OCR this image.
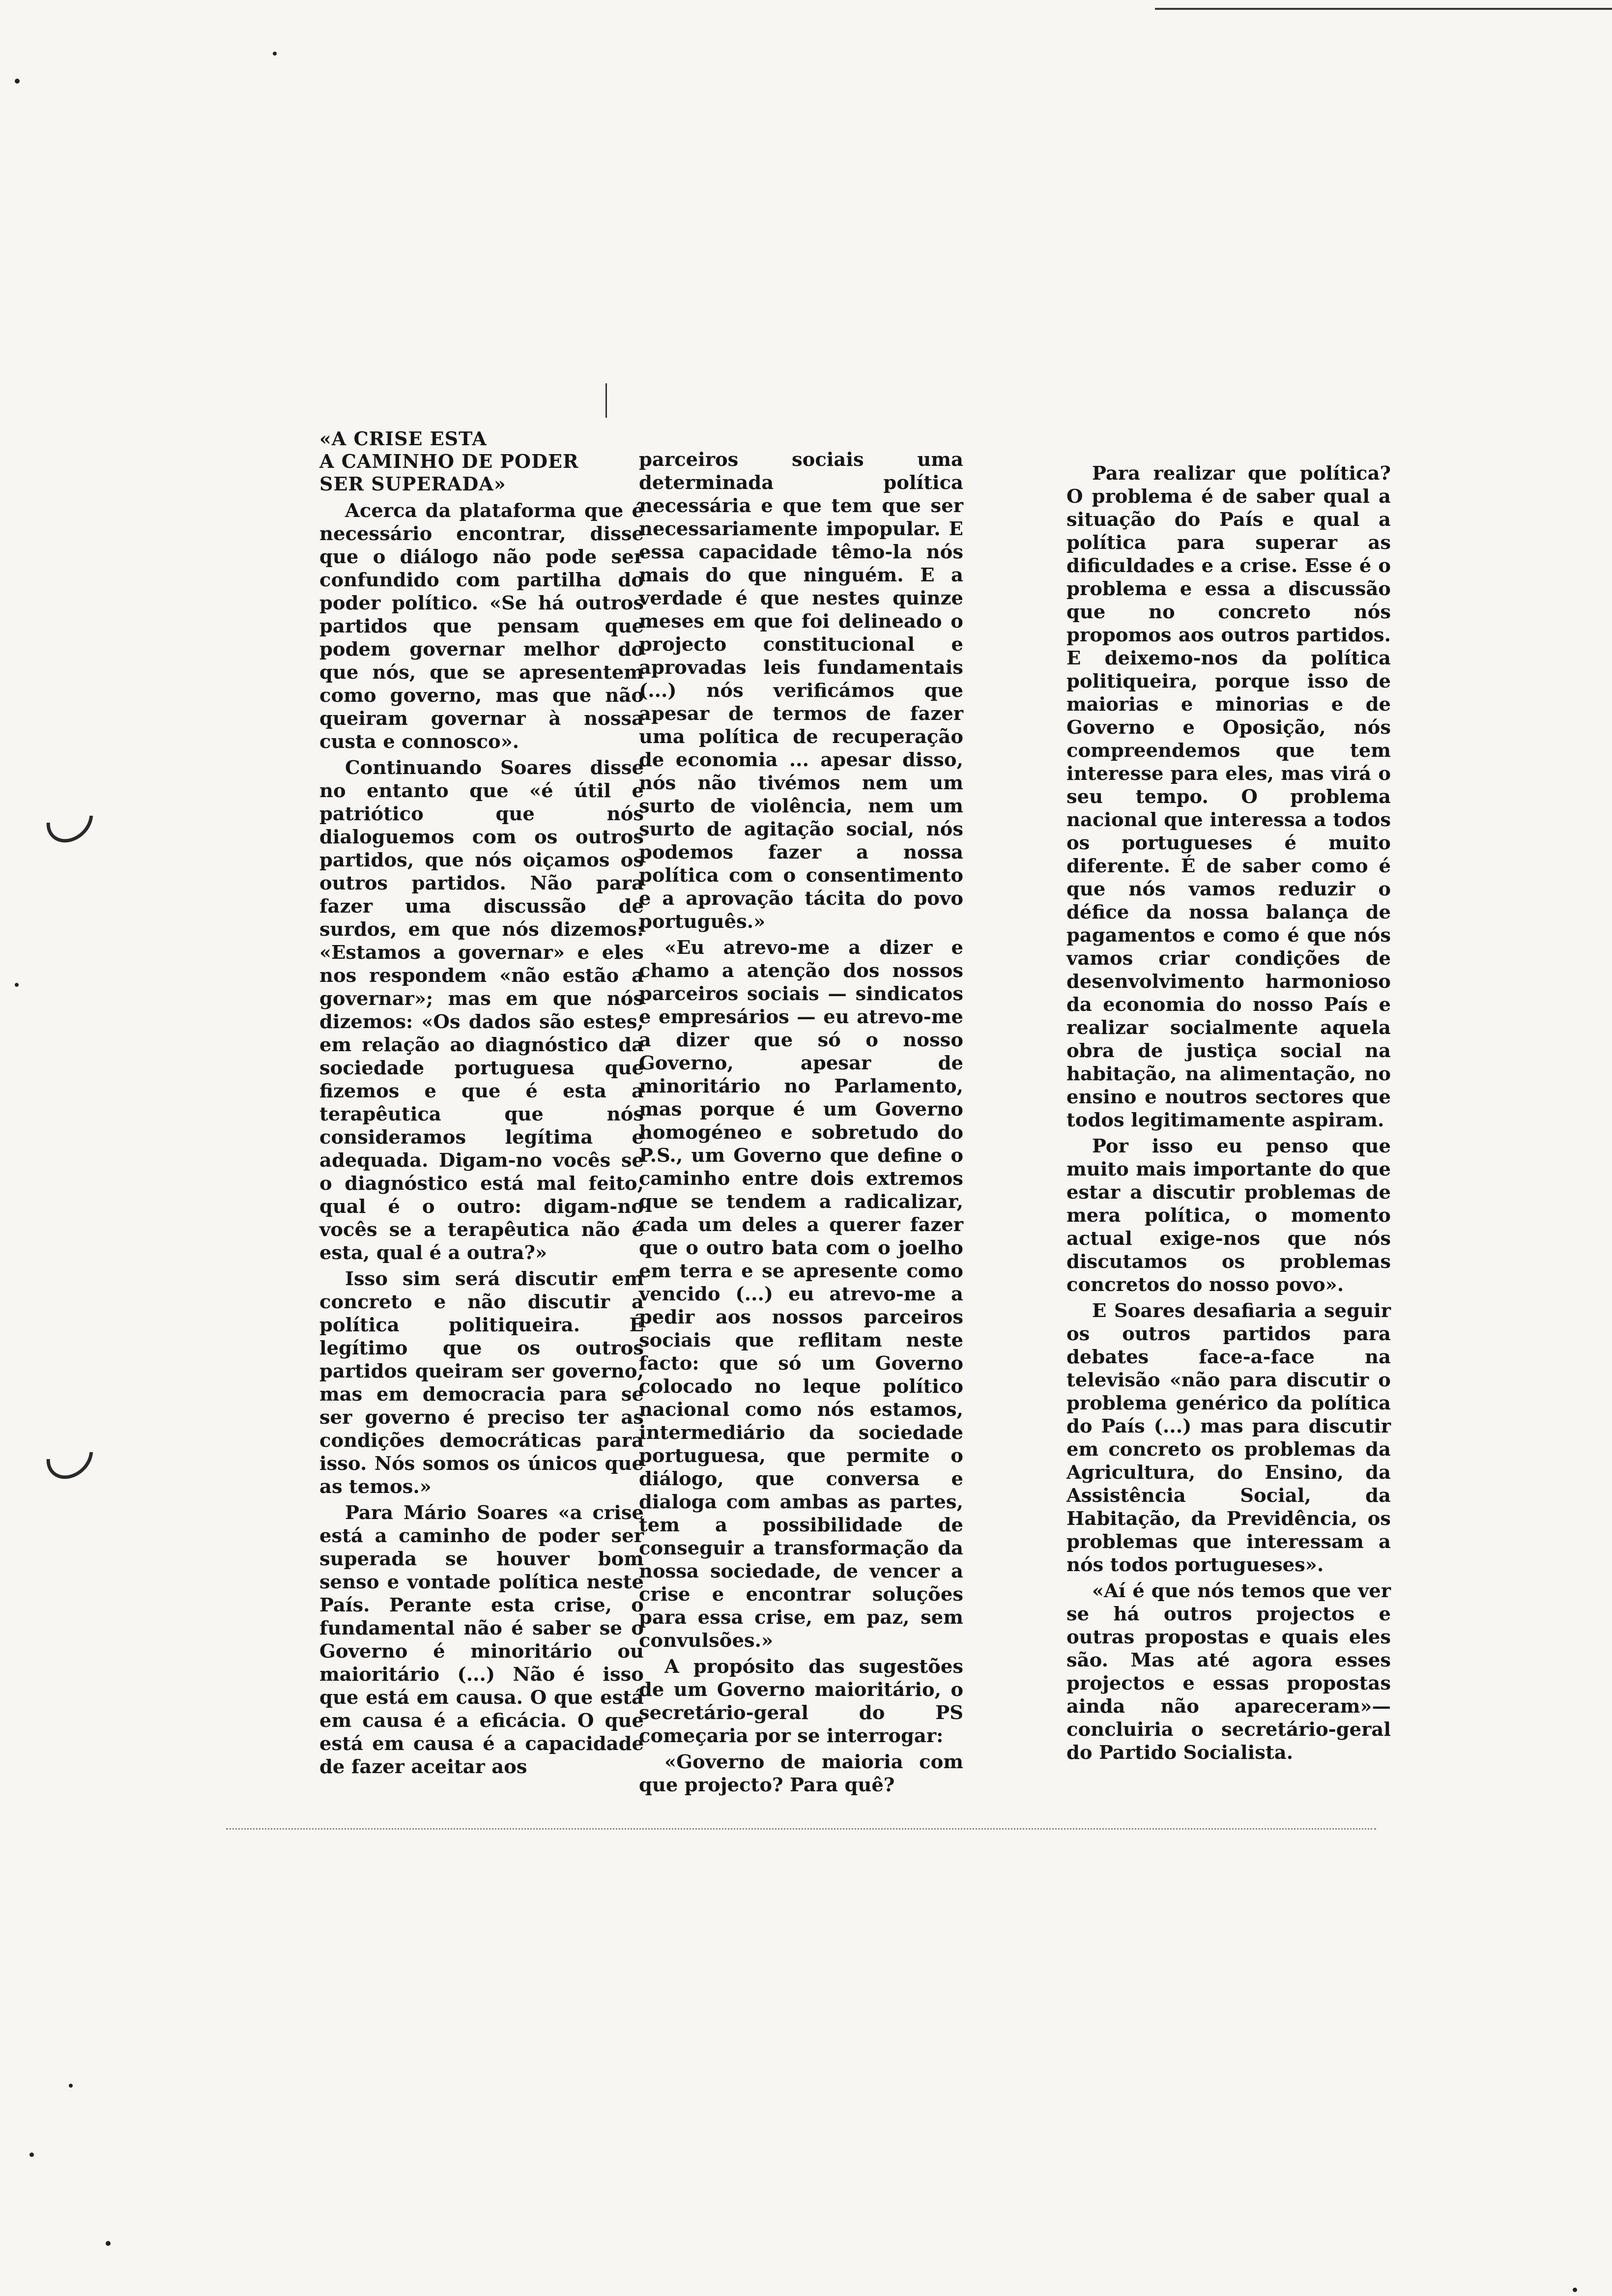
«A CRISE ESTA
A CAMINHO DE PODER
SER SUPERADA»

Acerca da plataforma que é necessário encontrar, disse que o diálogo não pode ser confundido com partilha do poder político. «Se há outros partidos que pensam que podem governar melhor do que nós, que se apresentem como governo, mas que não queiram governar à nossa custa e connosco».

Continuando Soares disse no entanto que «é útil e patriótico que nós dialoguemos com os outros partidos, que nós oiçamos os outros partidos. Não para fazer uma discussão de surdos, em que nós dizemos: «Estamos a governar» e eles nos respondem «não estão a governar»; mas em que nós dizemos: «Os dados são estes, em relação ao diagnóstico da sociedade portuguesa que fizemos e que é esta a terapêutica que nós consideramos legítima e adequada. Digam-no vocês se o diagnóstico está mal feito, qual é o outro: digam-no vocês se a terapêutica não é esta, qual é a outra?»

Isso sim será discutir em concreto e não discutir a política politiqueira. É legítimo que os outros partidos queiram ser governo, mas em democracia para se ser governo é preciso ter as condições democráticas para isso. Nós somos os únicos que as temos.»

Para Mário Soares «a crise está a caminho de poder ser superada se houver bom senso e vontade política neste País. Perante esta crise, o fundamental não é saber se o Governo é minoritário ou maioritário (...) Não é isso que está em causa. O que está em causa é a eficácia. O que está em causa é a capacidade de fazer aceitar aos

parceiros sociais uma determinada política necessária e que tem que ser necessariamente impopular. E essa capacidade têmo-la nós mais do que ninguém. E a verdade é que nestes quinze meses em que foi delineado o projecto constitucional e aprovadas leis fundamentais (...) nós verificámos que apesar de termos de fazer uma política de recuperação de economia ... apesar disso, nós não tivémos nem um surto de violência, nem um surto de agitação social, nós podemos fazer a nossa política com o consentimento e a aprovação tácita do povo português.»

«Eu atrevo-me a dizer e chamo a atenção dos nossos parceiros sociais — sindicatos e empresários — eu atrevo-me a dizer que só o nosso Governo, apesar de minoritário no Parlamento, mas porque é um Governo homogéneo e sobretudo do P.S., um Governo que define o caminho entre dois extremos que se tendem a radicalizar, cada um deles a querer fazer que o outro bata com o joelho em terra e se apresente como vencido (...) eu atrevo-me a pedir aos nossos parceiros sociais que reflitam neste facto: que só um Governo colocado no leque político nacional como nós estamos, intermediário da sociedade portuguesa, que permite o diálogo, que conversa e dialoga com ambas as partes, tem a possibilidade de conseguir a transformação da nossa sociedade, de vencer a crise e encontrar soluções para essa crise, em paz, sem convulsões.»

A propósito das sugestões de um Governo maioritário, o secretário-geral do PS começaria por se interrogar:

«Governo de maioria com que projecto? Para quê?

Para realizar que política? O problema é de saber qual a situação do País e qual a política para superar as dificuldades e a crise. Esse é o problema e essa a discussão que no concreto nós propomos aos outros partidos. E deixemo-nos da política politiqueira, porque isso de maiorias e minorias e de Governo e Oposição, nós compreendemos que tem interesse para eles, mas virá o seu tempo. O problema nacional que interessa a todos os portugueses é muito diferente. É de saber como é que nós vamos reduzir o défice da nossa balança de pagamentos e como é que nós vamos criar condições de desenvolvimento harmonioso da economia do nosso País e realizar socialmente aquela obra de justiça social na habitação, na alimentação, no ensino e noutros sectores que todos legitimamente aspiram.

Por isso eu penso que muito mais importante do que estar a discutir problemas de mera política, o momento actual exige-nos que nós discutamos os problemas concretos do nosso povo».

E Soares desafiaria a seguir os outros partidos para debates face-a-face na televisão «não para discutir o problema genérico da política do País (...) mas para discutir em concreto os problemas da Agricultura, do Ensino, da Assistência Social, da Habitação, da Previdência, os problemas que interessam a nós todos portugueses».

«Aí é que nós temos que ver se há outros projectos e outras propostas e quais eles são. Mas até agora esses projectos e essas propostas ainda não apareceram»—concluiria o secretário-geral do Partido Socialista.
